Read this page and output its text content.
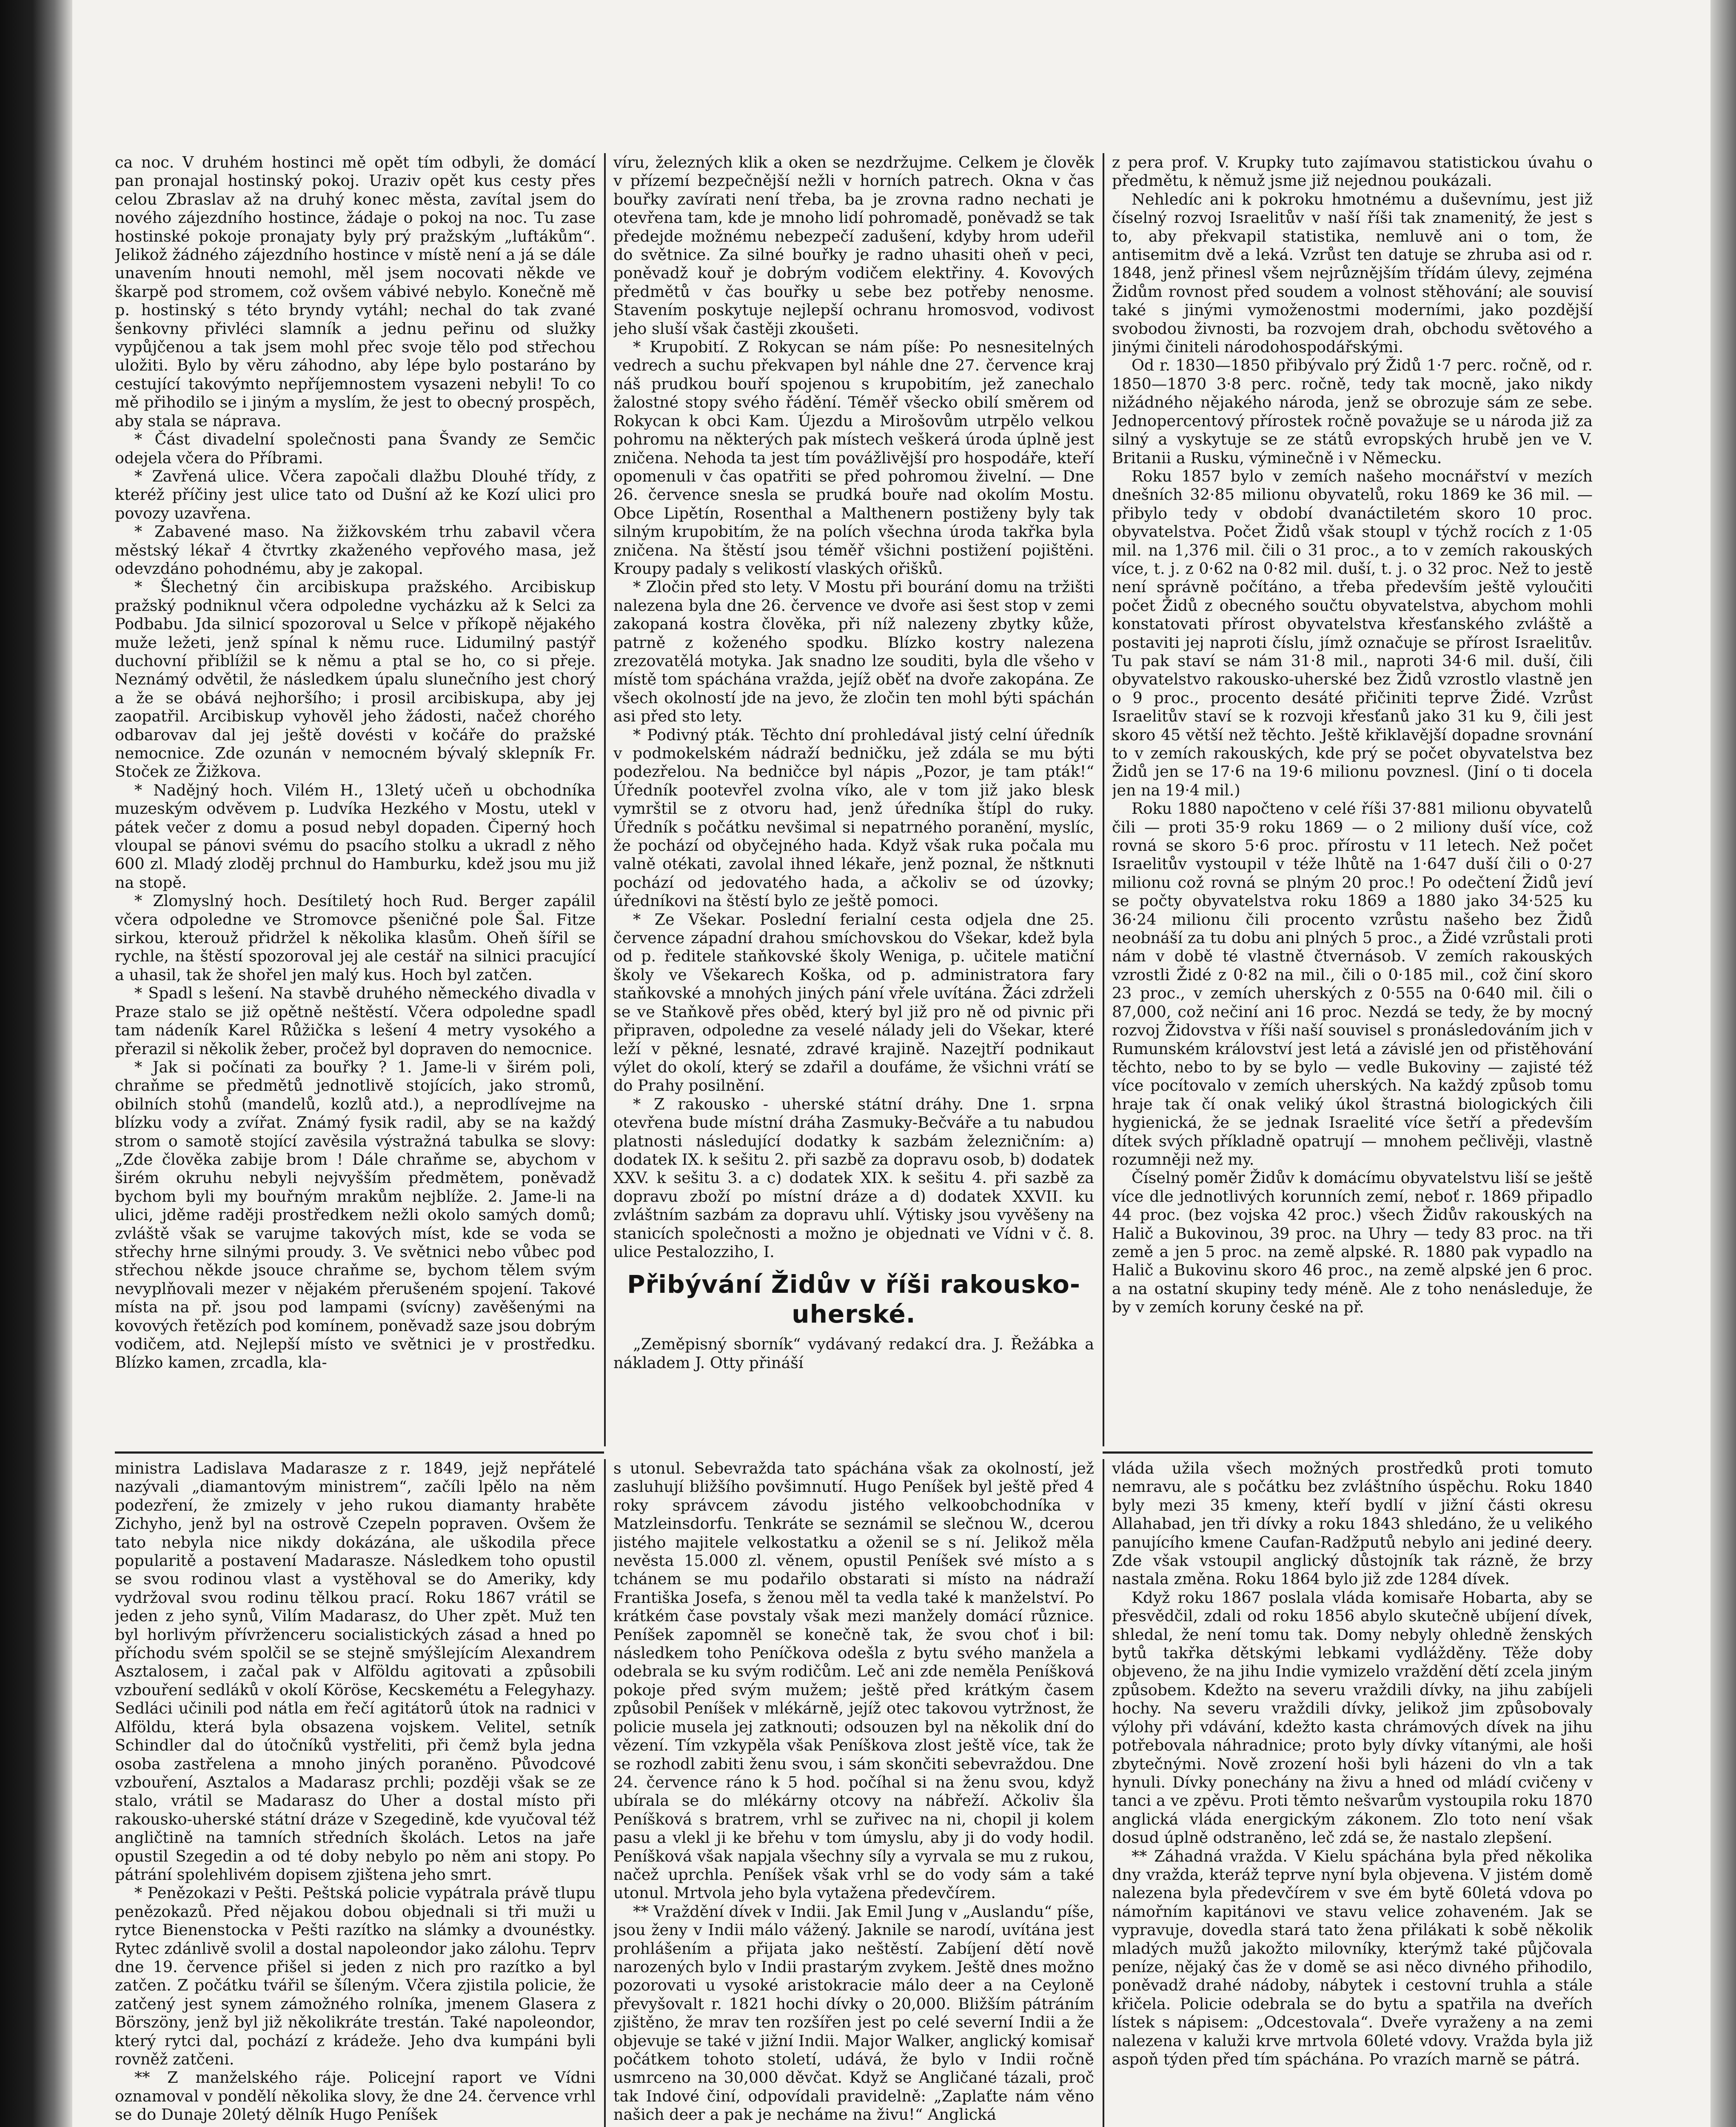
ca noc. V druhém hostinci mě opět tím odbyli, že domácí pan pronajal hostinský pokoj. Uraziv opět kus cesty přes celou Zbraslav až na druhý konec města, zavítal jsem do nového zájezdního hostince, žádaje o pokoj na noc. Tu zase hostinské pokoje pronajaty byly prý pražským „luftákům“. Jelikož žádného zájezdního hostince v místě není a já se dále unavením hnouti nemohl, měl jsem nocovati někde ve škarpě pod stromem, což ovšem vábivé nebylo. Konečně mě p. hostinský s této bryndy vytáhl; nechal do tak zvané šenkovny přivléci slamník a jednu peřinu od služky vypůjčenou a tak jsem mohl přec svoje tělo pod střechou uložiti. Bylo by věru záhodno, aby lépe bylo postaráno by cestující takovýmto nepříjemnostem vysazeni nebyli! To co mě přihodilo se i jiným a myslím, že jest to obecný prospěch, aby stala se náprava.

* Část divadelní společnosti pana Švandy ze Semčic odejela včera do Příbrami.

* Zavřená ulice. Včera započali dlažbu Dlouhé třídy, z kteréž příčiny jest ulice tato od Dušní až ke Kozí ulici pro povozy uzavřena.

* Zabavené maso. Na žižkovském trhu zabavil včera městský lékař 4 čtvrtky zkaženého vepřového masa, jež odevzdáno pohodnému, aby je zakopal.

* Šlechetný čin arcibiskupa pražského. Arcibiskup pražský podniknul včera odpoledne vycházku až k Selci za Podbabu. Jda silnicí spozoroval u Selce v příkopě nějakého muže ležeti, jenž spínal k němu ruce. Lidumilný pastýř duchovní přiblížil se k němu a ptal se ho, co si přeje. Neznámý odvětil, že následkem úpalu slunečního jest chorý a že se obává nejhoršího; i prosil arcibiskupa, aby jej zaopatřil. Arcibiskup vyhověl jeho žádosti, načež chorého odbarovav dal jej ještě dovésti v kočáře do pražské nemocnice. Zde ozunán v nemocném bývalý sklepník Fr. Stoček ze Žižkova.

* Nadějný hoch. Vilém H., 13letý učeň u obchodníka muzeským odvěvem p. Ludvíka Hezkého v Mostu, utekl v pátek večer z domu a posud nebyl dopaden. Čiperný hoch vloupal se pánovi svému do psacího stolku a ukradl z něho 600 zl. Mladý zloděj prchnul do Hamburku, kdež jsou mu již na stopě.

* Zlomyslný hoch. Desítiletý hoch Rud. Berger zapálil včera odpoledne ve Stromovce pšeničné pole Šal. Fitze sirkou, kterouž přidržel k několika klasům. Oheň šířil se rychle, na štěstí spozoroval jej ale cestář na silnici pracující a uhasil, tak že shořel jen malý kus. Hoch byl zatčen.

* Spadl s lešení. Na stavbě druhého německého divadla v Praze stalo se již opětně neštěstí. Včera odpoledne spadl tam nádeník Karel Růžička s lešení 4 metry vysokého a přerazil si několik žeber, pročež byl dopraven do nemocnice.

* Jak si počínati za bouřky ? 1. Jame-li v širém poli, chraňme se předmětů jednotlivě stojících, jako stromů, obilních stohů (mandelů, kozlů atd.), a neprodlívejme na blízku vody a zvířat. Známý fysik radil, aby se na každý strom o samotě stojící zavěsila výstražná tabulka se slovy: „Zde člověka zabije brom ! Dále chraňme se, abychom v širém okruhu nebyli nejvyšším předmětem, poněvadž bychom byli my bouřným mrakům nejblíže. 2. Jame-li na ulici, jděme raději prostředkem nežli okolo samých domů; zvláště však se varujme takových míst, kde se voda se střechy hrne silnými proudy. 3. Ve světnici nebo vůbec pod střechou někde jsouce chraňme se, bychom tělem svým nevyplňovali mezer v nějakém přerušeném spojení. Takové místa na př. jsou pod lampami (svícny) zavěšenými na kovových řetězích pod komínem, poněvadž saze jsou dobrým vodičem, atd. Nejlepší místo ve světnici je v prostředku. Blízko kamen, zrcadla, kla-

víru, železných klik a oken se nezdržujme. Celkem je člověk v přízemí bezpečnější nežli v horních patrech. Okna v čas bouřky zavírati není třeba, ba je zrovna radno nechati je otevřena tam, kde je mnoho lidí pohromadě, poněvadž se tak předejde možnému nebezpečí zadušení, kdyby hrom udeřil do světnice. Za silné bouřky je radno uhasiti oheň v peci, poněvadž kouř je dobrým vodičem elektřiny. 4. Kovových předmětů v čas bouřky u sebe bez potřeby nenosme. Stavením poskytuje nejlepší ochranu hromosvod, vodivost jeho sluší však častěji zkoušeti.

* Krupobití. Z Rokycan se nám píše: Po nesnesitelných vedrech a suchu překvapen byl náhle dne 27. července kraj náš prudkou bouří spojenou s krupobitím, jež zanechalo žalostné stopy svého řádění. Téměř všecko obilí směrem od Rokycan k obci Kam. Újezdu a Mirošovům utrpělo velkou pohromu na některých pak místech veškerá úroda úplně jest zničena. Nehoda ta jest tím povážlivější pro hospodáře, kteří opomenuli v čas opatřiti se před pohromou živelní. — Dne 26. července snesla se prudká bouře nad okolím Mostu. Obce Lipětín, Rosenthal a Malthenern postiženy byly tak silným krupobitím, že na polích všechna úroda takřka byla zničena. Na štěstí jsou téměř všichni postižení pojištěni. Kroupy padaly s velikostí vlaských ořišků.

* Zločin před sto lety. V Mostu při bourání domu na tržišti nalezena byla dne 26. července ve dvoře asi šest stop v zemi zakopaná kostra člověka, při níž nalezeny zbytky kůže, patrně z koženého spodku. Blízko kostry nalezena zrezovatělá motyka. Jak snadno lze souditi, byla dle všeho v místě tom spáchána vražda, jejíž oběť na dvoře zakopána. Ze všech okolností jde na jevo, že zločin ten mohl býti spáchán asi před sto lety.

* Podivný pták. Těchto dní prohledával jistý celní úředník v podmokelském nádraží bedničku, jež zdála se mu býti podezřelou. Na bedničce byl nápis „Pozor, je tam pták!“ Úředník pootevřel zvolna víko, ale v tom již jako blesk vymrštil se z otvoru had, jenž úředníka štípl do ruky. Úředník s počátku nevšimal si nepatrného poranění, myslíc, že pochází od obyčejného hada. Když však ruka počala mu valně otékati, zavolal ihned lékaře, jenž poznal, že nštknuti pochází od jedovatého hada, a ačkoliv se od úzovky; úředníkovi na štěstí bylo ze ještě pomoci.

* Ze Všekar. Poslední ferialní cesta odjela dne 25. července západní drahou smíchovskou do Všekar, kdež byla od p. ředitele staňkovské školy Weniga, p. učitele matiční školy ve Všekarech Koška, od p. administratora fary staňkovské a mnohých jiných pání vřele uvítána. Žáci zdrželi se ve Staňkově přes oběd, který byl již pro ně od pivnic při připraven, odpoledne za veselé nálady jeli do Všekar, které leží v pěkné, lesnaté, zdravé krajině. Nazejtří podnikaut výlet do okolí, který se zdařil a doufáme, že všichni vrátí se do Prahy posilnění.

* Z rakousko - uherské státní dráhy. Dne 1. srpna otevřena bude místní dráha Zasmuky-Bečváře a tu nabudou platnosti následující dodatky k sazbám železničním: a) dodatek IX. k sešitu 2. při sazbě za dopravu osob, b) dodatek XXV. k sešitu 3. a c) dodatek XIX. k sešitu 4. při sazbě za dopravu zboží po místní dráze a d) dodatek XXVII. ku zvláštním sazbám za dopravu uhlí. Výtisky jsou vyvěšeny na stanicích společnosti a možno je objednati ve Vídni v č. 8. ulice Pestalozziho, I.

Přibývání Židův v říši rakousko-uherské.

„Zeměpisný sborník“ vydávaný redakcí dra. J. Řežábka a nákladem J. Otty přináší

z pera prof. V. Krupky tuto zajímavou statistickou úvahu o předmětu, k němuž jsme již nejednou poukázali.

Nehledíc ani k pokroku hmotnému a duševnímu, jest již číselný rozvoj Israelitův v naší říši tak znamenitý, že jest s to, aby překvapil statistika, nemluvě ani o tom, že antisemitm dvě a leká. Vzrůst ten datuje se zhruba asi od r. 1848, jenž přinesl všem nejrůznějším třídám úlevy, zejména Židům rovnost před soudem a volnost stěhování; ale souvisí také s jinými vymoženostmi moderními, jako pozdější svobodou živnosti, ba rozvojem drah, obchodu světového a jinými činiteli národohospodářskými.

Od r. 1830—1850 přibývalo prý Židů 1·7 perc. ročně, od r. 1850—1870 3·8 perc. ročně, tedy tak mocně, jako nikdy nižádného nějakého národa, jenž se obrozuje sám ze sebe. Jednopercentový přírostek ročně považuje se u národa již za silný a vyskytuje se ze států evropských hrubě jen ve V. Britanii a Rusku, výminečně i v Německu.

Roku 1857 bylo v zemích našeho mocnářství v mezích dnešních 32·85 milionu obyvatelů, roku 1869 ke 36 mil. — přibylo tedy v období dvanáctiletém skoro 10 proc. obyvatelstva. Počet Židů však stoupl v týchž rocích z 1·05 mil. na 1,376 mil. čili o 31 proc., a to v zemích rakouských více, t. j. z 0·62 na 0·82 mil. duší, t. j. o 32 proc. Než to jestě není správně počítáno, a třeba především ještě vyloučiti počet Židů z obecného součtu obyvatelstva, abychom mohli konstatovati přírost obyvatelstva křesťanského zvláště a postaviti jej naproti číslu, jímž označuje se přírost Israelitův. Tu pak staví se nám 31·8 mil., naproti 34·6 mil. duší, čili obyvatelstvo rakousko-uherské bez Židů vzrostlo vlastně jen o 9 proc., procento desáté přičiniti teprve Židé. Vzrůst Israelitův staví se k rozvoji křesťanů jako 31 ku 9, čili jest skoro 45 větší než těchto. Ještě křiklavější dopadne srovnání to v zemích rakouských, kde prý se počet obyvatelstva bez Židů jen se 17·6 na 19·6 milionu povznesl. (Jiní o ti docela jen na 19·4 mil.)

Roku 1880 napočteno v celé říši 37·881 milionu obyvatelů čili — proti 35·9 roku 1869 — o 2 miliony duší více, což rovná se skoro 5·6 proc. přírostu v 11 letech. Než počet Israelitův vystoupil v téže lhůtě na 1·647 duší čili o 0·27 milionu což rovná se plným 20 proc.! Po odečtení Židů jeví se počty obyvatelstva roku 1869 a 1880 jako 34·525 ku 36·24 milionu čili procento vzrůstu našeho bez Židů neobnáší za tu dobu ani plných 5 proc., a Židé vzrůstali proti nám v době té vlastně čtvernásob. V zemích rakouských vzrostli Židé z 0·82 na mil., čili o 0·185 mil., což činí skoro 23 proc., v zemích uherských z 0·555 na 0·640 mil. čili o 87,000, což nečiní ani 16 proc. Nezdá se tedy, že by mocný rozvoj Židovstva v říši naší souvisel s pronásledováním jich v Rumunském království jest letá a závislé jen od přistěhování těchto, nebo to by se bylo — vedle Bukoviny — zajisté též více pocítovalo v zemích uherských. Na každý způsob tomu hraje tak čí onak veliký úkol štrastná biologických čili hygienická, že se jednak Israelité více šetří a především dítek svých příkladně opatrují — mnohem pečlivěji, vlastně rozumněji než my.

Číselný poměr Židův k domácímu obyvatelstvu liší se ještě více dle jednotlivých korunních zemí, neboť r. 1869 připadlo 44 proc. (bez vojska 42 proc.) všech Židův rakouských na Halič a Bukovinou, 39 proc. na Uhry — tedy 83 proc. na tři země a jen 5 proc. na země alpské. R. 1880 pak vypadlo na Halič a Bukovinu skoro 46 proc., na země alpské jen 6 proc. a na ostatní skupiny tedy méně. Ale z toho nenásleduje, že by v zemích koruny české na př.

ministra Ladislava Madarasze z r. 1849, jejž nepřátelé nazývali „diamantovým ministrem“, začíli lpělo na něm podezření, že zmizely v jeho rukou diamanty hraběte Zichyho, jenž byl na ostrově Czepeln popraven. Ovšem že tato nebyla nice nikdy dokázána, ale uškodila přece popularitě a postavení Madarasze. Následkem toho opustil se svou rodinou vlast a vystěhoval se do Ameriky, kdy vydržoval svou rodinu tělkou prací. Roku 1867 vrátil se jeden z jeho synů, Vilím Madarasz, do Uher zpět. Muž ten byl horlivým přívrženceru socialistických zásad a hned po příchodu svém spolčil se se stejně smýšlejícím Alexandrem Asztalosem, i začal pak v Alföldu agitovati a způsobili vzbouření sedláků v okolí Köröse, Kecskemétu a Felegyhazy. Sedláci učinili pod nátla em řečí agitátorů útok na radnici v Alföldu, která byla obsazena vojskem. Velitel, setník Schindler dal do útočníků vystřeliti, při čemž byla jedna osoba zastřelena a mnoho jiných poraněno. Původcové vzbouření, Asztalos a Madarasz prchli; později však se ze stalo, vrátil se Madarasz do Uher a dostal místo při rakousko-uherské státní dráze v Szegedině, kde vyučoval též angličtině na tamních středních školách. Letos na jaře opustil Szegedin a od té doby nebylo po něm ani stopy. Po pátrání spolehlivém dopisem zjištena jeho smrt.

* Penězokazi v Pešti. Peštská policie vypátrala právě tlupu penězokazů. Před nějakou dobou objednali si tři muži u rytce Bienenstocka v Pešti razítko na slámky a dvounéstky. Rytec zdánlivě svolil a dostal napoleondor jako zálohu. Teprv dne 19. července přišel si jeden z nich pro razítko a byl zatčen. Z počátku tvářil se šíleným. Včera zjistila policie, že zatčený jest synem zámožného rolníka, jmenem Glasera z Börszöny, jenž byl již několikráte trestán. Také napoleondor, který rytci dal, pochází z krádeže. Jeho dva kumpáni byli rovněž zatčeni.

** Z manželského ráje. Policejní raport ve Vídni oznamoval v pondělí několika slovy, že dne 24. července vrhl se do Dunaje 20letý dělník Hugo Peníšek

s utonul. Sebevražda tato spáchána však za okolností, jež zasluhují bližšího povšimnutí. Hugo Peníšek byl ještě před 4 roky správcem závodu jistého velkoobchodníka v Matzleinsdorfu. Tenkráte se seznámil se slečnou W., dcerou jistého majitele velkostatku a oženil se s ní. Jelikož měla nevěsta 15.000 zl. věnem, opustil Peníšek své místo a s tchánem se mu podařilo obstarati si místo na nádraží Františka Josefa, s ženou měl ta vedla také k manželství. Po krátkém čase povstaly však mezi manžely domácí různice. Peníšek zapomněl se konečně tak, že svou choť i bil: následkem toho Peníčkova odešla z bytu svého manžela a odebrala se ku svým rodičům. Leč ani zde neměla Peníšková pokoje před svým mužem; ještě před krátkým časem způsobil Peníšek v mlékárně, jejíž otec takovou vytržnost, že policie musela jej zatknouti; odsouzen byl na několik dní do vězení. Tím vzkypěla však Peníškova zlost ještě více, tak že se rozhodl zabiti ženu svou, i sám skončiti sebevraždou. Dne 24. července ráno k 5 hod. počíhal si na ženu svou, když ubírala se do mlékárny otcovy na nábřeží. Ačkoliv šla Peníšková s bratrem, vrhl se zuřivec na ni, chopil ji kolem pasu a vlekl ji ke břehu v tom úmyslu, aby ji do vody hodil. Peníšková však napjala všechny síly a vyrvala se mu z rukou, načež uprchla. Peníšek však vrhl se do vody sám a také utonul. Mrtvola jeho byla vytažena předevčírem.

** Vraždění dívek v Indii. Jak Emil Jung v „Auslandu“ píše, jsou ženy v Indii málo vážený. Jaknile se narodí, uvítána jest prohlášením a přijata jako neštěstí. Zabíjení dětí nově narozených bylo v Indii prastarým zvykem. Ještě dnes možno pozorovati u vysoké aristokracie málo deer a na Ceyloně převyšovalt r. 1821 hochi dívky o 20,000. Bližším pátráním zjištěno, že mrav ten rozšířen jest po celé severní Indii a že objevuje se také v jižní Indii. Major Walker, anglický komisař počátkem tohoto století, udává, že bylo v Indii ročně usmrceno na 30,000 děvčat. Když se Angličané tázali, proč tak Indové činí, odpovídali pravidelně: „Zaplaťte nám věno našich deer a pak je necháme na živu!“ Anglická

vláda užila všech možných prostředků proti tomuto nemravu, ale s počátku bez zvláštního úspěchu. Roku 1840 byly mezi 35 kmeny, kteří bydlí v jižní části okresu Allahabad, jen tři dívky a roku 1843 shledáno, že u velikého panujícího kmene Caufan-Radžputů nebylo ani jediné deery. Zde však vstoupil anglický důstojník tak rázně, že brzy nastala změna. Roku 1864 bylo již zde 1284 dívek.

Když roku 1867 poslala vláda komisaře Hobarta, aby se přesvědčil, zdali od roku 1856 abylo skutečně ubíjení dívek, shledal, že není tomu tak. Domy nebyly ohledně ženských bytů takřka dětskými lebkami vydlážděny. Těže doby objeveno, že na jihu Indie vymizelo vraždění dětí zcela jiným způsobem. Kdežto na severu vraždili dívky, na jihu zabíjeli hochy. Na severu vraždili dívky, jelikož jim způsobovaly výlohy při vdávání, kdežto kasta chrámových dívek na jihu potřebovala náhradnice; proto byly dívky vítanými, ale hoši zbytečnými. Nově zrození hoši byli házeni do vln a tak hynuli. Dívky ponechány na živu a hned od mládí cvičeny v tanci a ve zpěvu. Proti těmto nešvarům vystoupila roku 1870 anglická vláda energickým zákonem. Zlo toto není však dosud úplně odstraněno, leč zdá se, že nastalo zlepšení.

** Záhadná vražda. V Kielu spáchána byla před několika dny vražda, kteráž teprve nyní byla objevena. V jistém domě nalezena byla předevčírem v sve ém bytě 60letá vdova po námořním kapitánovi ve stavu velice zohaveném. Jak se vypravuje, dovedla stará tato žena přilákati k sobě několik mladých mužů jakožto milovníky, kterýmž také půjčovala peníze, nějaký čas že v domě se asi něco divného přihodilo, poněvadž drahé nádoby, nábytek i cestovní truhla a stále křičela. Policie odebrala se do bytu a spatřila na dveřích lístek s nápisem: „Odcestovala“. Dveře vyraženy a na zemi nalezena v kaluži krve mrtvola 60leté vdovy. Vražda byla již aspoň týden před tím spáchána. Po vrazích marně se pátrá.
